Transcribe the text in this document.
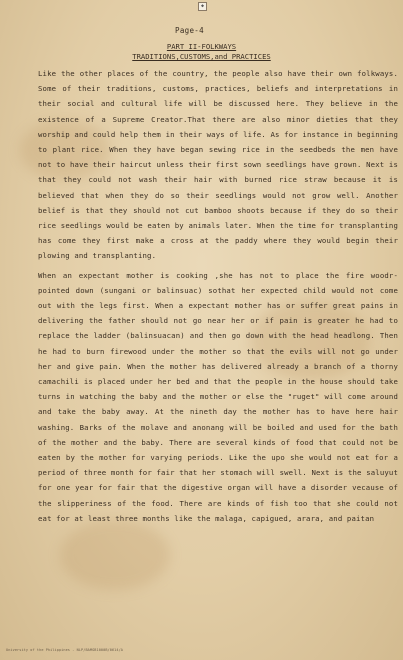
◆
Page-4
PART II-FOLKWAYS
TRADITIONS,CUSTOMS,and PRACTICES

Like the other places of the country, the people also have their own folkways. Some of their traditions, customs, practices, beliefs and interpretations in their social and cultural life will be discussed here. They believe in the existence of a Supreme Creator.That there are also minor dieties that they worship and could help them in their ways of life. As for instance in beginning to plant rice. When they have began sewing rice in the seedbeds the men have not to have their haircut unless their first sown seedlings have grown. Next is that they could not wash their hair with burned rice straw because it is believed that when they do so their seedlings would not grow well. Another belief is that they should not cut bamboo shoots because if they do so their rice seedlings would be eaten by animals later. When the time for transplanting has come they first make a cross at the paddy where they would begin their plowing and transplanting.

When an expectant mother is cooking ,she has not to place the fire woodr-pointed down (sungani or balinsuac) sothat her expected child would not come out with the legs first. When a expectant mother has or suffer great pains in delivering the father should not go near her or if pain is greater he had to replace the ladder (balinsuacan) and then go down with the head headlong. Then he had to burn firewood under the mother so that the evils will not go under her and give pain. When the mother has delivered already a branch of a thorny camachili is placed under her bed and that the people in the house should take turns in watching the baby and the mother or else the "ruget" will come around and take the baby away. At the nineth day the mother has to have here hair washing. Barks of the molave and anonang will be boiled and used for the bath of the mother and the baby. There are several kinds of food that could not be eaten by the mother for varying periods. Like the upo she would not eat for a period of three month for fair that her stomach will swell. Next is the saluyut for one year for fair that the digestive organ will have a disorder vecause of the slipperiness of the food. There are kinds of fish too that she could not eat for at least three months like the malaga, capigued, arara, and paitan

University of the Philippines - NLP/BAMGB1000B/0614/A
